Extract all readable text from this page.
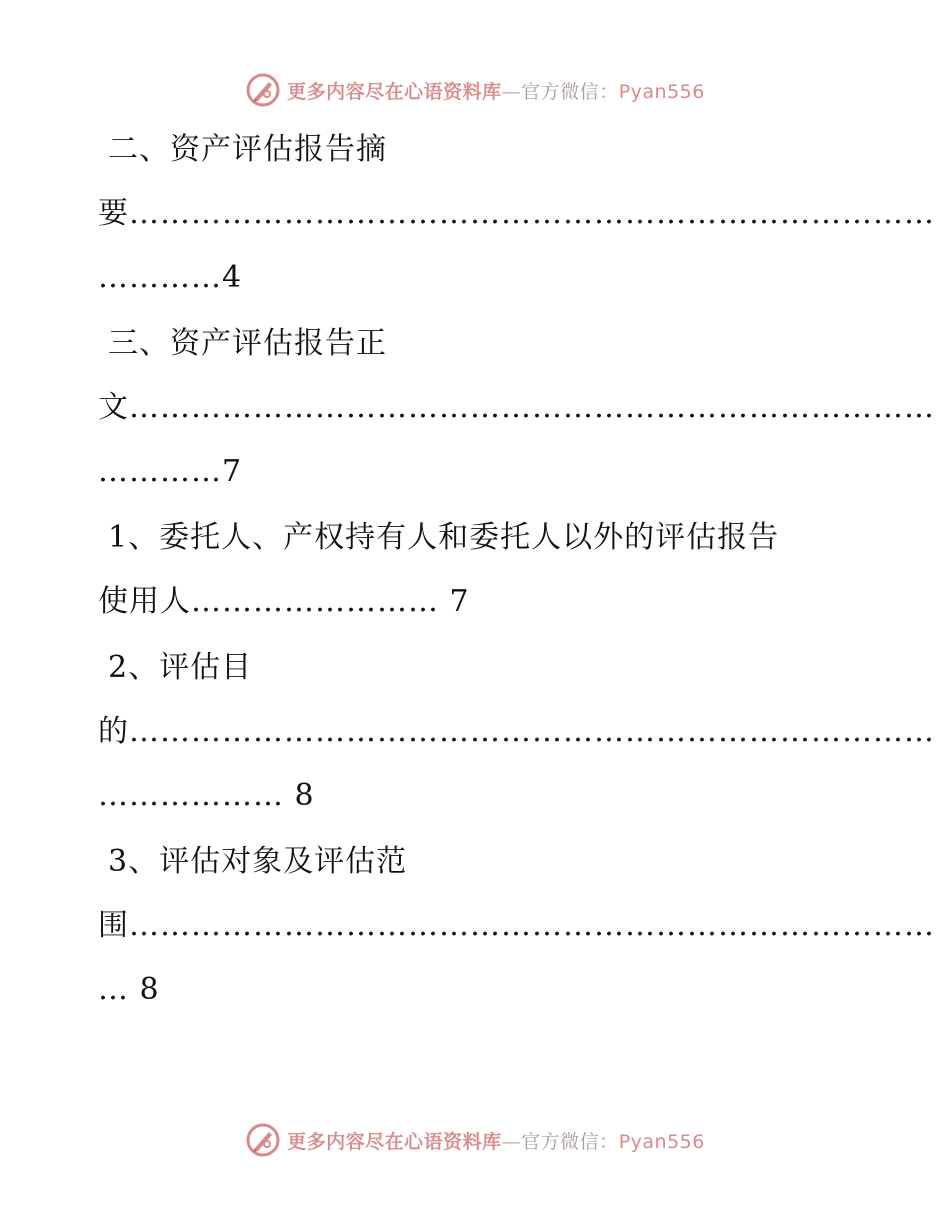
更多内容尽在心语资料库—官方微信：Pyan556
二、资产评估报告摘
要……………………………………………………………………
…………4
三、资产评估报告正
文……………………………………………………………………
…………7
1、委托人、产权持有人和委托人以外的评估报告
使用人…………………… 7
2、评估目
的……………………………………………………………………
……………… 8
3、评估对象及评估范
围……………………………………………………………………
… 8
更多内容尽在心语资料库—官方微信：Pyan556
